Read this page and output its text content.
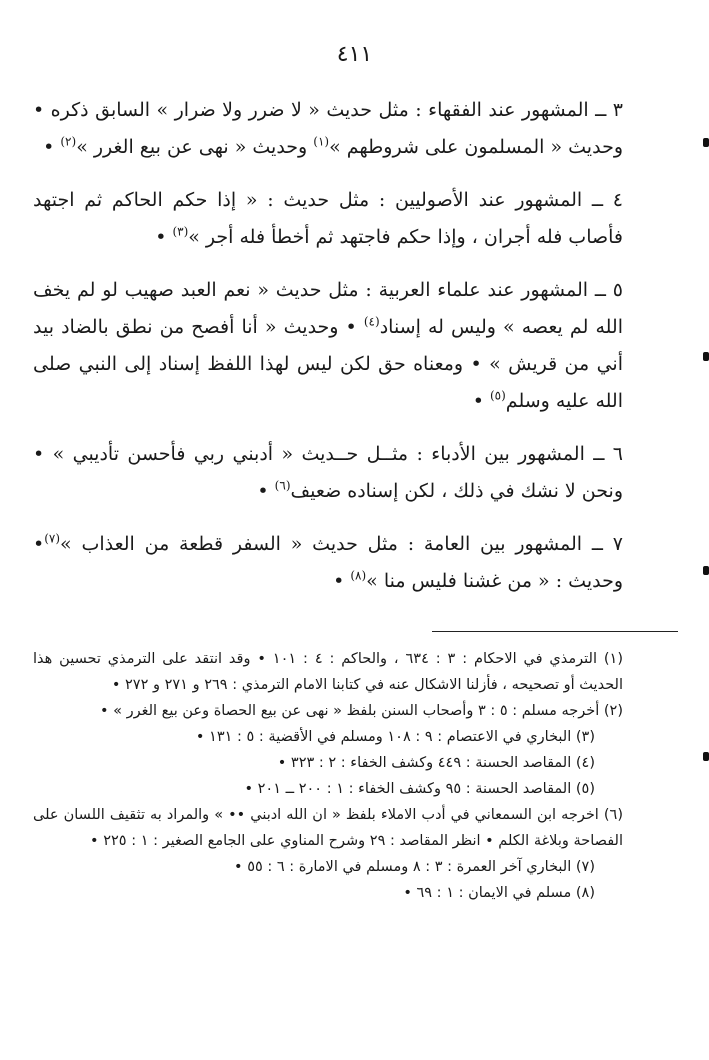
٤١١

٣ ــ المشهور عند الفقهاء : مثل حديث « لا ضرر ولا ضرار » السابق ذكره • وحديث « المسلمون على شروطهم »$^{(١)}$ وحديث « نهى عن بيع الغرر »$^{(٢)}$ •

٤ ــ المشهور عند الأصوليين : مثل حديث : « إذا حكم الحاكم ثم اجتهد فأصاب فله أجران ، وإذا حكم فاجتهد ثم أخطأ فله أجر »$^{(٣)}$ •

٥ ــ المشهور عند علماء العربية : مثل حديث « نعم العبد صهيب لو لم يخف الله لم يعصه » وليس له إسناد$^{(٤)}$ • وحديث « أنا أفصح من نطق بالضاد بيد أني من قريش » • ومعناه حق لكن ليس لهذا اللفظ إسناد إلى النبي صلى الله عليه وسلم$^{(٥)}$ •

٦ ــ المشهور بين الأدباء : مثــل حــديث « أدبني ربي فأحسن تأديبي » • ونحن لا نشك في ذلك ، لكن إسناده ضعيف$^{(٦)}$ •

٧ ــ المشهور بين العامة : مثل حديث « السفر قطعة من العذاب »$^{(٧)}$• وحديث : « من غشنا فليس منا »$^{(٨)}$ •

(١) الترمذي في الاحكام : ٣ : ٦٣٤ ، والحاكم : ٤ : ١٠١ • وقد انتقد على الترمذي تحسين هذا الحديث أو تصحيحه ، فأزلنا الاشكال عنه في كتابنا الامام الترمذي : ٢٦٩ و ٢٧١ و ٢٧٢ •

(٢) أخرجه مسلم : ٥ : ٣ وأصحاب السنن بلفظ « نهى عن بيع الحصاة وعن بيع الغرر » •

(٣) البخاري في الاعتصام : ٩ : ١٠٨ ومسلم في الأقضية : ٥ : ١٣١ •

(٤) المقاصد الحسنة : ٤٤٩ وكشف الخفاء : ٢ : ٣٢٣ •

(٥) المقاصد الحسنة : ٩٥ وكشف الخفاء : ١ : ٢٠٠ ــ ٢٠١ •

(٦) اخرجه ابن السمعاني في أدب الاملاء بلفظ « ان الله ادبني •• » والمراد به تثقيف اللسان على الفصاحة وبلاغة الكلم • انظر المقاصد : ٢٩ وشرح المناوي على الجامع الصغير : ١ : ٢٢٥ •

(٧) البخاري آخر العمرة : ٣ : ٨ ومسلم في الامارة : ٦ : ٥٥ •

(٨) مسلم في الايمان : ١ : ٦٩ •
